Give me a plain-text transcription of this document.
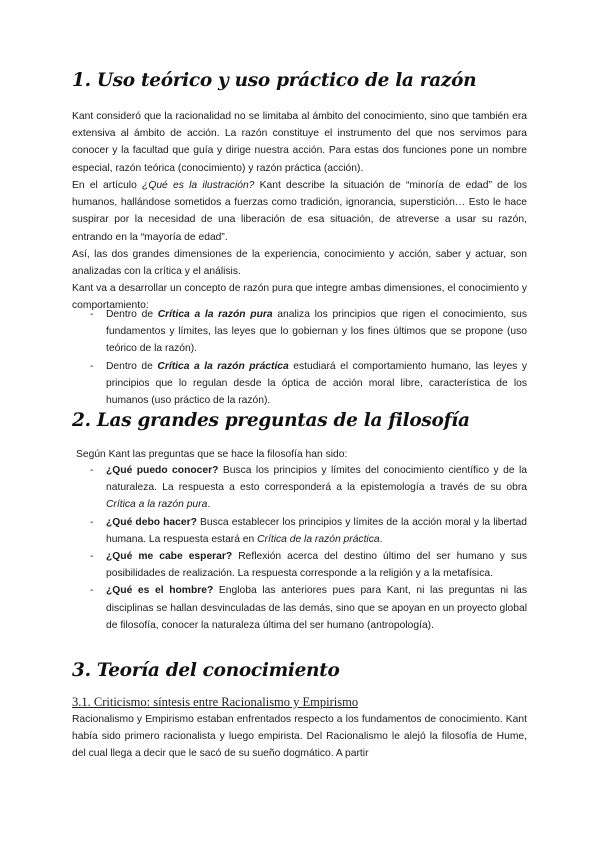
1. Uso teórico y uso práctico de la razón

Kant consideró que la racionalidad no se limitaba al ámbito del conocimiento, sino que también era extensiva al ámbito de acción. La razón constituye el instrumento del que nos servimos para conocer y la facultad que guía y dirige nuestra acción. Para estas dos funciones pone un nombre especial, razón teórica (conocimiento) y razón práctica (acción).

En el artículo ¿Qué es la ilustración? Kant describe la situación de “minoría de edad” de los humanos, hallándose sometidos a fuerzas como tradición, ignorancia, superstición… Esto le hace suspirar por la necesidad de una liberación de esa situación, de atreverse a usar su razón, entrando en la “mayoría de edad”.

Así, las dos grandes dimensiones de la experiencia, conocimiento y acción, saber y actuar, son analizadas con la crítica y el análisis.

Kant va a desarrollar un concepto de razón pura que integre ambas dimensiones, el conocimiento y comportamiento:

-	Dentro de Crítica a la razón pura analiza los principios que rigen el conocimiento, sus fundamentos y límites, las leyes que lo gobiernan y los fines últimos que se propone (uso teórico de la razón).
-	Dentro de Crítica a la razón práctica estudiará el comportamiento humano, las leyes y principios que lo regulan desde la óptica de acción moral libre, característica de los humanos (uso práctico de la razón).
2. Las grandes preguntas de la filosofía

Según Kant las preguntas que se hace la filosofía han sido:

-	¿Qué puedo conocer? Busca los principios y límites del conocimiento científico y de la naturaleza. La respuesta a esto corresponderá a la epistemología a través de su obra Crítica a la razón pura.
-	¿Qué debo hacer? Busca establecer los principios y límites de la acción moral y la libertad humana. La respuesta estará en Crítica de la razón práctica.
-	¿Qué me cabe esperar? Reflexión acerca del destino último del ser humano y sus posibilidades de realización. La respuesta corresponde a la religión y a la metafísica.
-	¿Qué es el hombre? Engloba las anteriores pues para Kant, ni las preguntas ni las disciplinas se hallan desvinculadas de las demás, sino que se apoyan en un proyecto global de filosofía, conocer la naturaleza última del ser humano (antropología).
3. Teoría del conocimiento
3.1. Criticismo: síntesis entre Racionalismo y Empirismo

Racionalismo y Empirismo estaban enfrentados respecto a los fundamentos de conocimiento. Kant había sido primero racionalista y luego empirista. Del Racionalismo le alejó la filosofía de Hume, del cual llega a decir que le sacó de su sueño dogmático. A partir
